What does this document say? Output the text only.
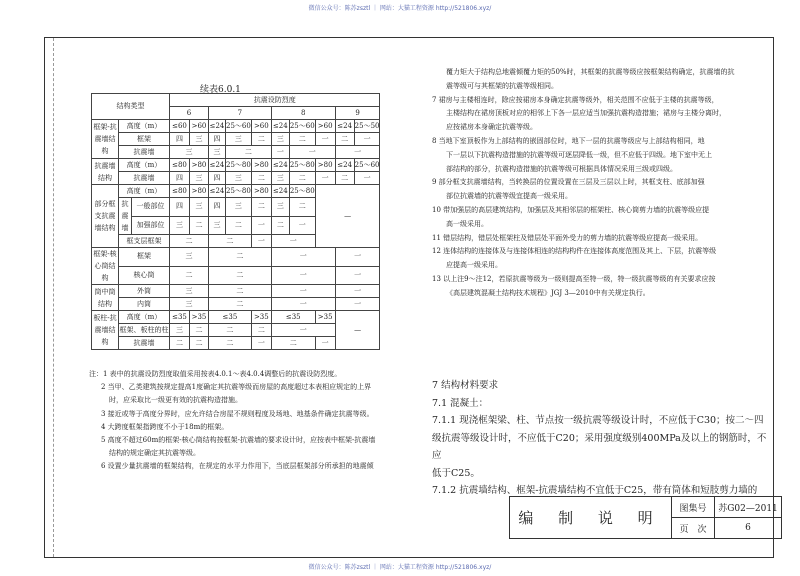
微信公众号：陈苏zsztl ｜ 网站：大猫工程资源 http://521806.xyz/
续表6.0.1
结构类型			抗震设防烈度									
			6		7			8			9	
框架-抗震墙结构	高度（m）		≤60	>60	≤24	25～60	>60	≤24	25～60	>60	≤24	25～50
	框架		四	三	四	三	二	三	二	一	二	一
	抗震墙		三		三	二		一	一		一	
抗震墙结构	高度（m）		≤80	>80	≤24	25～80	>80	≤24	25～80	>80	≤24	25～60
	抗震墙		四	三	四	三	二	三	二	一	二	一
部分框支抗震墙结构	高度（m）		≤80	>80	≤24	25～80	>80	≤24	25～80	—		
	抗震墙	一般部位	四	三	四	三	二	三	二			
		加强部位	三	二	三	二	一	二	一			
	框支层框架		二		二		一	一				
框架-核心筒结构	框架		三		二			一			一	
	核心筒		二		二			一			一	
筒中筒结构	外筒		三		二			一			一	
	内筒		三		二			一			一	
板柱-抗震墙结构	高度（m）		≤35	>35	≤35		>35	≤35		>35	—	
	框架、板柱的柱		三	二	二		二	一				
	抗震墙		二	二	二		一	二		一		
注：1 表中的抗震设防烈度取值采用按表4.0.1～表4.0.4调整后的抗震设防烈度。
2 当甲、乙类建筑按规定提高1度确定其抗震等级而房屋的高度超过本表相应规定的上界
时，应采取比一级更有效的抗震构造措施。
3 接近或等于高度分界时，应允许结合房屋不规则程度及场地、地基条件确定抗震等级。
4 大跨度框架指跨度不小于18m的框架。
5 高度不超过60m的框架-核心筒结构按框架-抗震墙的要求设计时，应按表中框架-抗震墙
结构的规定确定其抗震等级。
6 设置少量抗震墙的框架结构，在规定的水平力作用下，当底层框架部分所承担的地震倾
覆力矩大于结构总地震倾覆力矩的50%时，其框架的抗震等级应按框架结构确定，抗震墙的抗
震等级可与其框架的抗震等级相同。
7 裙房与主楼相连时，除应按裙房本身确定抗震等级外，相关范围不应低于主楼的抗震等级，
主楼结构在裙房顶板对应的相邻上下各一层应适当加强抗震构造措施；裙房与主楼分离时，
应按裙房本身确定抗震等级。
8 当地下室顶板作为上部结构的嵌固部位时，地下一层的抗震等级应与上部结构相同，地
下一层以下抗震构造措施的抗震等级可逐层降低一级，但不应低于四级。地下室中无上
部结构的部分，抗震构造措施的抗震等级可根据具体情况采用三级或四级。
9 部分框支抗震墙结构，当转换层的位置设置在三层及三层以上时，其框支柱、底部加强
部位抗震墙的抗震等级宜提高一级采用。
10 带加强层的高层建筑结构，加强层及其相邻层的框架柱、核心筒剪力墙的抗震等级应提
高一级采用。
11 错层结构，错层处框架柱及错层处平面外受力的剪力墙的抗震等级应提高一级采用。
12 连体结构的连接体及与连接体相连的结构构件在连接体高度范围及其上、下层，抗震等级
应提高一级采用。
13 以上注9～注12，若原抗震等级为一级则提高至特一级，特一级抗震等级的有关要求应按
《高层建筑混凝土结构技术规程》JGJ 3—2010中有关规定执行。
7 结构材料要求
7.1 混凝土：
7.1.1 现浇框架梁、柱、节点按一级抗震等级设计时，不应低于C30；按二～四
级抗震等级设计时，不应低于C20；采用强度级别400MPa及以上的钢筋时，不应
低于C25。
7.1.2 抗震墙结构、框架-抗震墙结构不宜低于C25，带有筒体和短肢剪力墙的
编 制 说 明	图集号	苏G02—2011
	页　次	6
微信公众号：陈苏zsztl ｜ 网站：大猫工程资源 http://521806.xyz/
